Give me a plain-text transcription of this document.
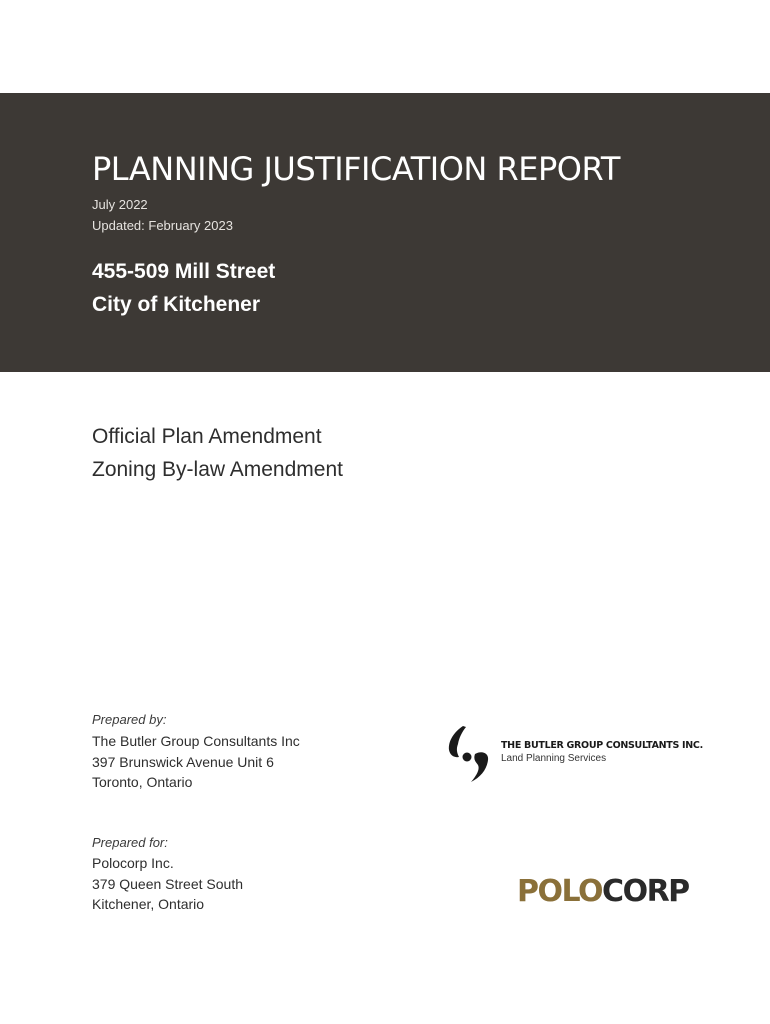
PLANNING JUSTIFICATION REPORT
July 2022
Updated: February 2023
455-509 Mill Street
City of Kitchener
Official Plan Amendment
Zoning By-law Amendment
Prepared by:
The Butler Group Consultants Inc
397 Brunswick Avenue Unit 6
Toronto, Ontario
Prepared for:
Polocorp Inc.
379 Queen Street South
Kitchener, Ontario
THE BUTLER GROUP CONSULTANTS INC.
Land Planning Services
POLOCORP
